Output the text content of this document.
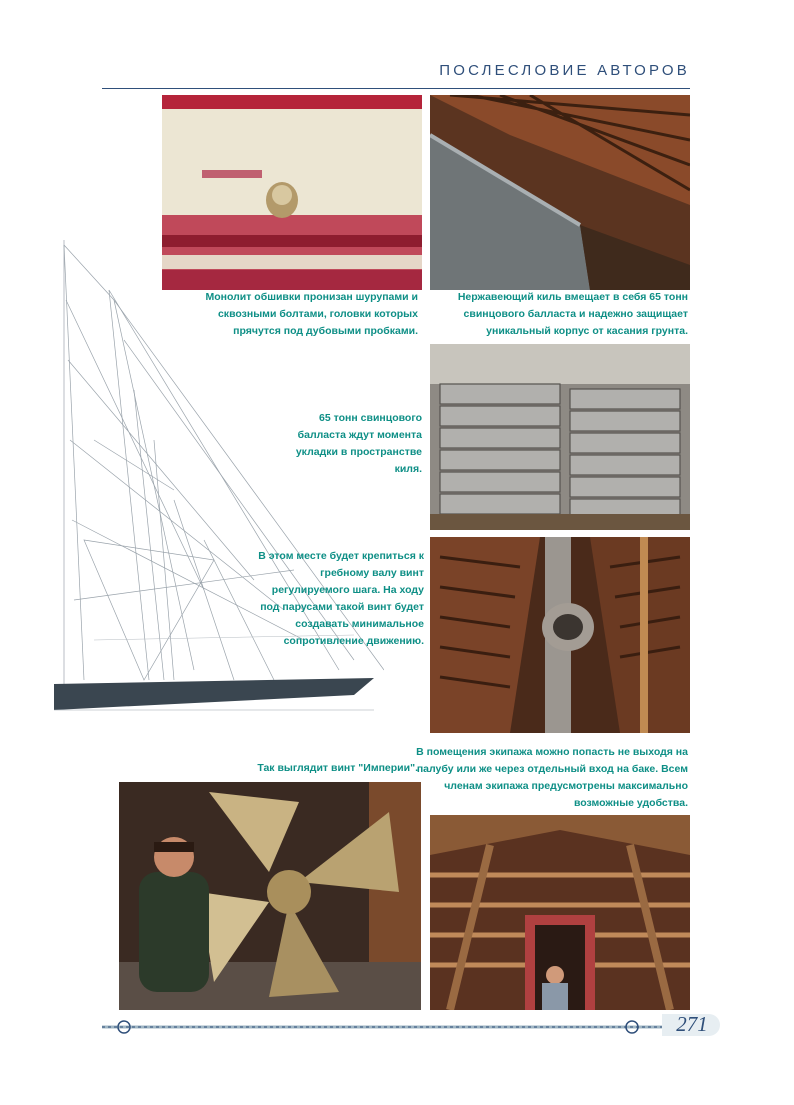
ПОСЛЕСЛОВИЕ АВТОРОВ
Монолит обшивки пронизан шурупами и
сквозными болтами, головки которых
прячутся под дубовыми пробками.
Нержавеющий киль вмещает в себя 65 тонн
свинцового балласта и надежно защищает
уникальный корпус от касания грунта.
65 тонн свинцового
балласта ждут момента
укладки в пространстве
киля.
В этом месте будет крепиться к
гребному валу винт
регулируемого шага. На ходу
под парусами такой винт будет
создавать минимальное
сопротивление движению.
Так выглядит винт "Империи".
В помещения экипажа можно попасть не выходя на
палубу или же через отдельный вход на баке. Всем
членам экипажа предусмотрены максимально
возможные удобства.
271
